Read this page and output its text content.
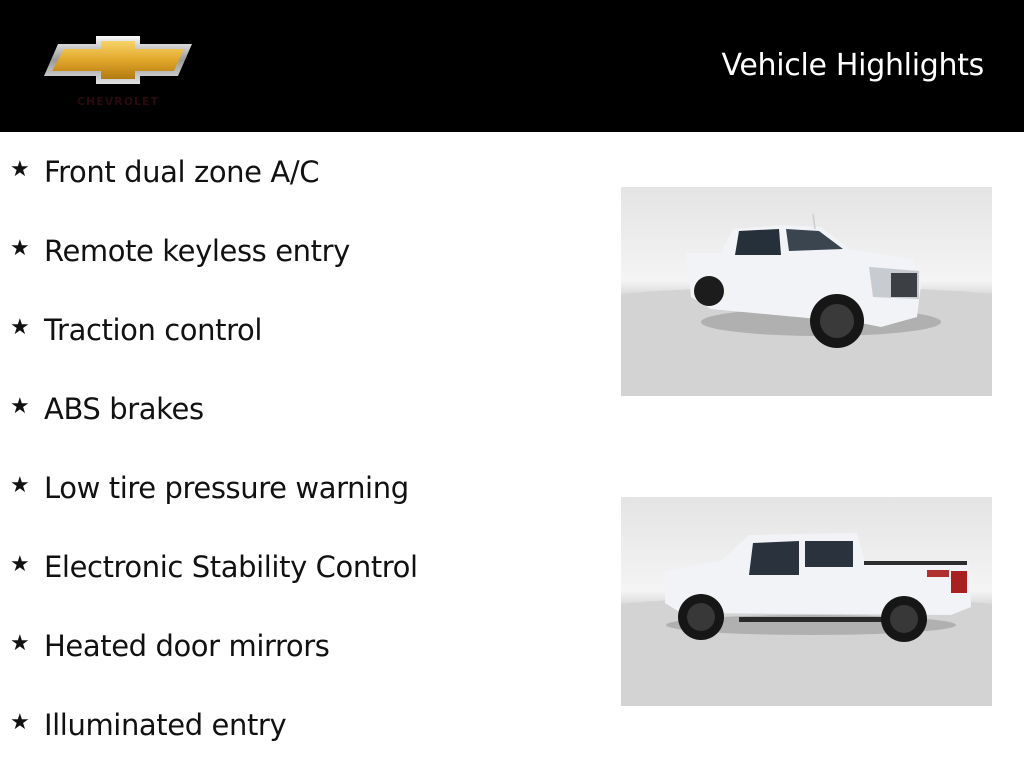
CHEVROLET
Vehicle Highlights
★ Front dual zone A/C
★ Remote keyless entry
★ Traction control
★ ABS brakes
★ Low tire pressure warning
★ Electronic Stability Control
★ Heated door mirrors
★ Illuminated entry
